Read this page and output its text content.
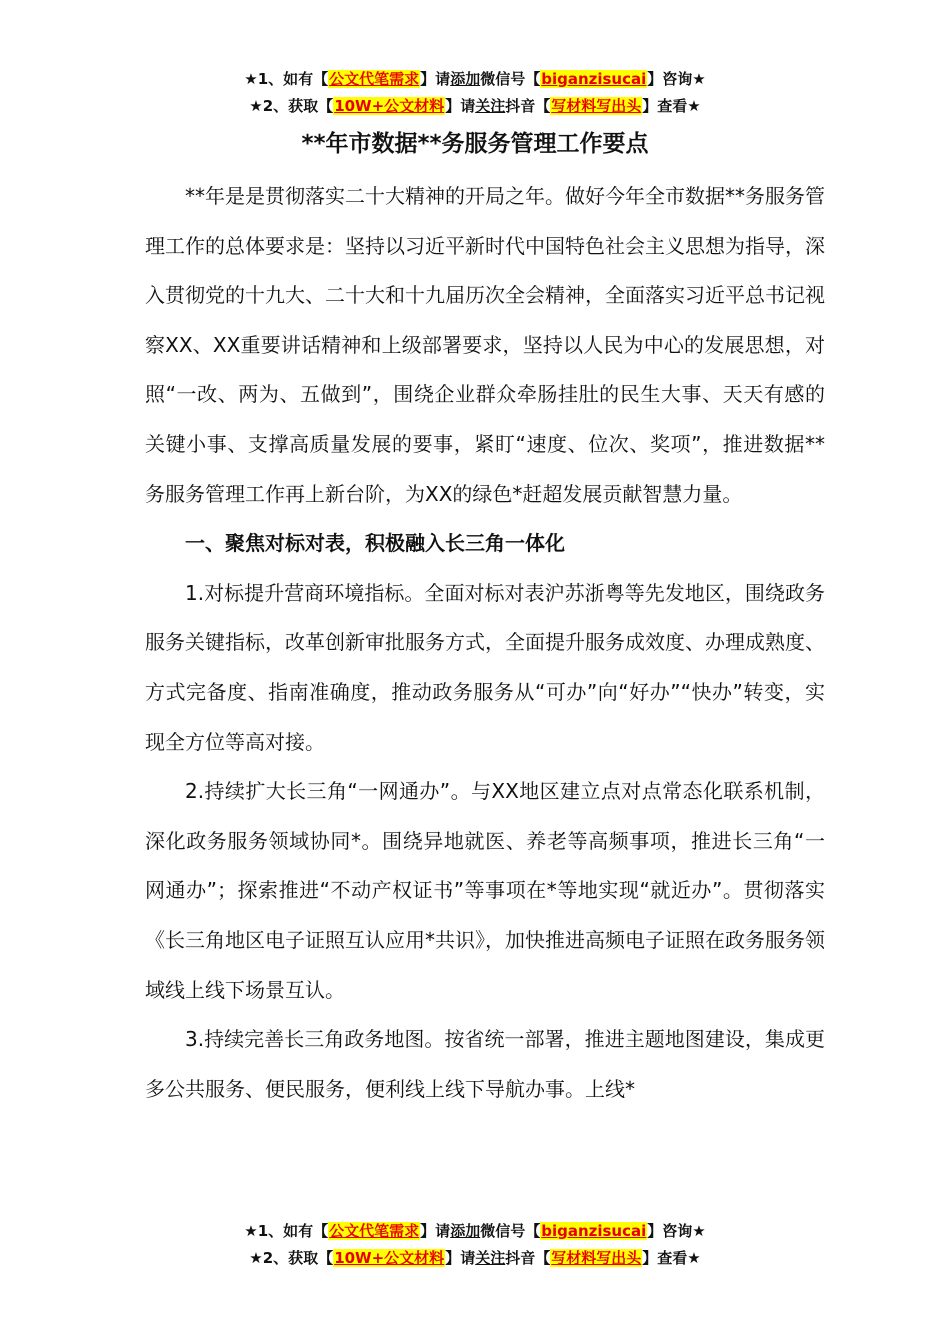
★1、如有【公文代笔需求】请添加微信号【biganzisucai】咨询★
★2、获取【10W+公文材料】请关注抖音【写材料写出头】查看★
**年市数据**务服务管理工作要点

**年是是贯彻落实二十大精神的开局之年。做好今年全市数据**务服务管理工作的总体要求是：坚持以习近平新时代中国特色社会主义思想为指导，深入贯彻党的十九大、二十大和十九届历次全会精神，全面落实习近平总书记视察XX、XX重要讲话精神和上级部署要求，坚持以人民为中心的发展思想，对照“一改、两为、五做到”，围绕企业群众牵肠挂肚的民生大事、天天有感的关键小事、支撑高质量发展的要事，紧盯“速度、位次、奖项”，推进数据**务服务管理工作再上新台阶，为XX的绿色*赶超发展贡献智慧力量。

一、聚焦对标对表，积极融入长三角一体化

1.对标提升营商环境指标。全面对标对表沪苏浙粤等先发地区，围绕政务服务关键指标，改革创新审批服务方式，全面提升服务成效度、办理成熟度、方式完备度、指南准确度，推动政务服务从“可办”向“好办”“快办”转变，实现全方位等高对接。

2.持续扩大长三角“一网通办”。与XX地区建立点对点常态化联系机制，深化政务服务领域协同*。围绕异地就医、养老等高频事项，推进长三角“一网通办”；探索推进“不动产权证书”等事项在*等地实现“就近办”。贯彻落实《长三角地区电子证照互认应用*共识》，加快推进高频电子证照在政务服务领域线上线下场景互认。

3.持续完善长三角政务地图。按省统一部署，推进主题地图建设，集成更多公共服务、便民服务，便利线上线下导航办事。上线*

★1、如有【公文代笔需求】请添加微信号【biganzisucai】咨询★
★2、获取【10W+公文材料】请关注抖音【写材料写出头】查看★
